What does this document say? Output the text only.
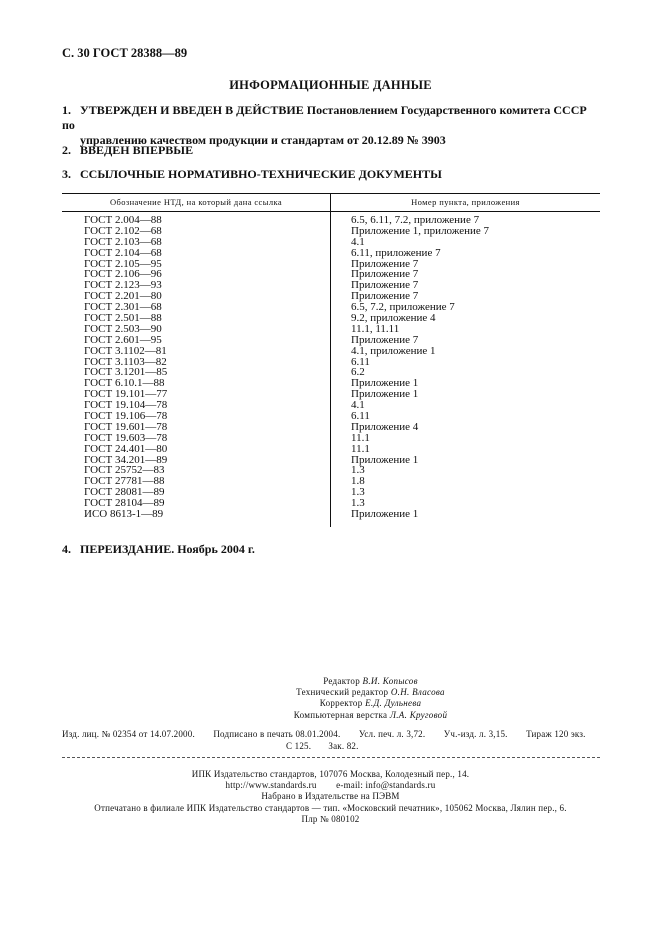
С. 30 ГОСТ 28388—89
ИНФОРМАЦИОННЫЕ ДАННЫЕ
1. УТВЕРЖДЕН И ВВЕДЕН В ДЕЙСТВИЕ Постановлением Государственного комитета СССР по
управлению качеством продукции и стандартам от 20.12.89 № 3903
2. ВВЕДЕН ВПЕРВЫЕ
3. ССЫЛОЧНЫЕ НОРМАТИВНО-ТЕХНИЧЕСКИЕ ДОКУМЕНТЫ
Обозначение НТД, на который дана ссылка	Номер пункта, приложения
ГОСТ 2.004—88
ГОСТ 2.102—68
ГОСТ 2.103—68
ГОСТ 2.104—68
ГОСТ 2.105—95
ГОСТ 2.106—96
ГОСТ 2.123—93
ГОСТ 2.201—80
ГОСТ 2.301—68
ГОСТ 2.501—88
ГОСТ 2.503—90
ГОСТ 2.601—95
ГОСТ 3.1102—81
ГОСТ 3.1103—82
ГОСТ 3.1201—85
ГОСТ 6.10.1—88
ГОСТ 19.101—77
ГОСТ 19.104—78
ГОСТ 19.106—78
ГОСТ 19.601—78
ГОСТ 19.603—78
ГОСТ 24.401—80
ГОСТ 34.201—89
ГОСТ 25752—83
ГОСТ 27781—88
ГОСТ 28081—89
ГОСТ 28104—89
ИСО 8613-1—89
6.5, 6.11, 7.2, приложение 7
Приложение 1, приложение 7
4.1
6.11, приложение 7
Приложение 7
Приложение 7
Приложение 7
Приложение 7
6.5, 7.2, приложение 7
9.2, приложение 4
11.1, 11.11
Приложение 7
4.1, приложение 1
6.11
6.2
Приложение 1
Приложение 1
4.1
6.11
Приложение 4
11.1
11.1
Приложение 1
1.3
1.8
1.3
1.3
Приложение 1
4. ПЕРЕИЗДАНИЕ. Ноябрь 2004 г.
Редактор В.И. Копысов
Технический редактор О.Н. Власова
Корректор Е.Д. Дульнева
Компьютерная верстка Л.А. Круговой
Изд. лиц. № 02354 от 14.07.2000. Подписано в печать 08.01.2004. Усл. печ. л. 3,72. Уч.-изд. л. 3,15. Тираж 120 экз.
С 125. Зак. 82.
ИПК Издательство стандартов, 107076 Москва, Колодезный пер., 14.
http://www.standards.ru e-mail: info@standards.ru
Набрано в Издательстве на ПЭВМ
Отпечатано в филиале ИПК Издательство стандартов — тип. «Московский печатник», 105062 Москва, Лялин пер., 6.
Плр № 080102
